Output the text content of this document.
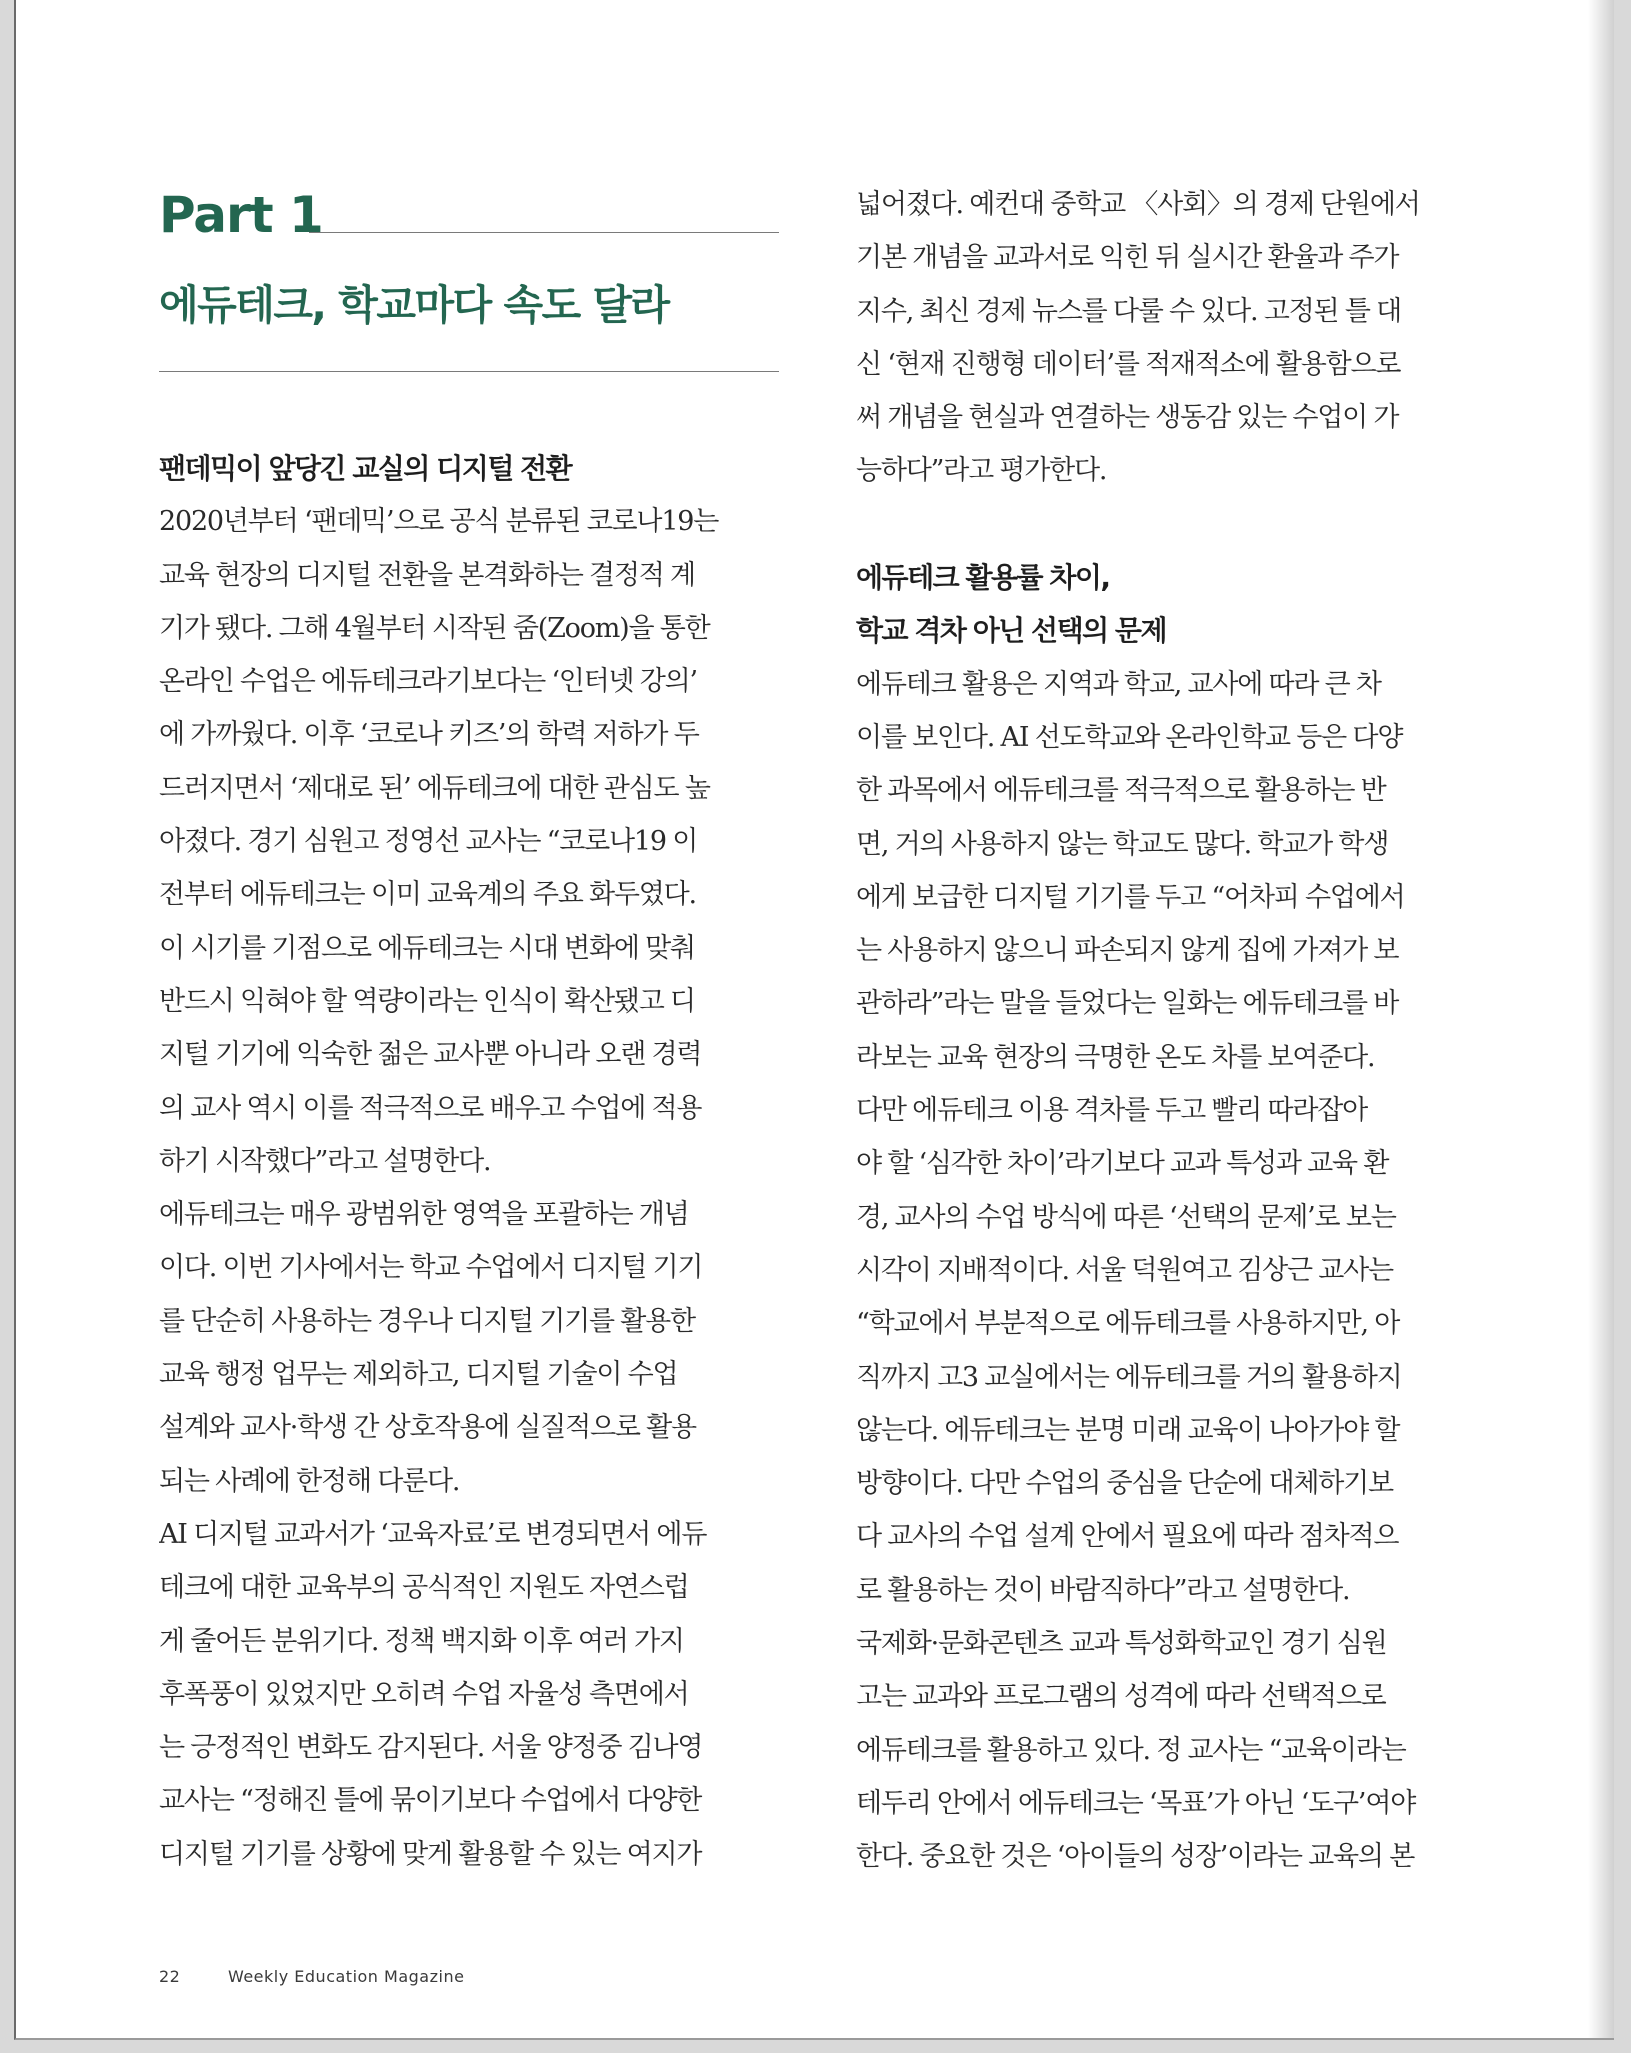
Part 1
에듀테크, 학교마다 속도 달라
팬데믹이 앞당긴 교실의 디지털 전환
2020년부터 ‘팬데믹’으로 공식 분류된 코로나19는
교육 현장의 디지털 전환을 본격화하는 결정적 계
기가 됐다. 그해 4월부터 시작된 줌(Zoom)을 통한
온라인 수업은 에듀테크라기보다는 ‘인터넷 강의’
에 가까웠다. 이후 ‘코로나 키즈’의 학력 저하가 두
드러지면서 ‘제대로 된’ 에듀테크에 대한 관심도 높
아졌다. 경기 심원고 정영선 교사는 “코로나19 이
전부터 에듀테크는 이미 교육계의 주요 화두였다.
이 시기를 기점으로 에듀테크는 시대 변화에 맞춰
반드시 익혀야 할 역량이라는 인식이 확산됐고 디
지털 기기에 익숙한 젊은 교사뿐 아니라 오랜 경력
의 교사 역시 이를 적극적으로 배우고 수업에 적용
하기 시작했다”라고 설명한다.
에듀테크는 매우 광범위한 영역을 포괄하는 개념
이다. 이번 기사에서는 학교 수업에서 디지털 기기
를 단순히 사용하는 경우나 디지털 기기를 활용한
교육 행정 업무는 제외하고, 디지털 기술이 수업
설계와 교사·학생 간 상호작용에 실질적으로 활용
되는 사례에 한정해 다룬다.
AI 디지털 교과서가 ‘교육자료’로 변경되면서 에듀
테크에 대한 교육부의 공식적인 지원도 자연스럽
게 줄어든 분위기다. 정책 백지화 이후 여러 가지
후폭풍이 있었지만 오히려 수업 자율성 측면에서
는 긍정적인 변화도 감지된다. 서울 양정중 김나영
교사는 “정해진 틀에 묶이기보다 수업에서 다양한
디지털 기기를 상황에 맞게 활용할 수 있는 여지가
넓어졌다. 예컨대 중학교 〈사회〉의 경제 단원에서
기본 개념을 교과서로 익힌 뒤 실시간 환율과 주가
지수, 최신 경제 뉴스를 다룰 수 있다. 고정된 틀 대
신 ‘현재 진행형 데이터’를 적재적소에 활용함으로
써 개념을 현실과 연결하는 생동감 있는 수업이 가
능하다”라고 평가한다.
에듀테크 활용률 차이,
학교 격차 아닌 선택의 문제
에듀테크 활용은 지역과 학교, 교사에 따라 큰 차
이를 보인다. AI 선도학교와 온라인학교 등은 다양
한 과목에서 에듀테크를 적극적으로 활용하는 반
면, 거의 사용하지 않는 학교도 많다. 학교가 학생
에게 보급한 디지털 기기를 두고 “어차피 수업에서
는 사용하지 않으니 파손되지 않게 집에 가져가 보
관하라”라는 말을 들었다는 일화는 에듀테크를 바
라보는 교육 현장의 극명한 온도 차를 보여준다.
다만 에듀테크 이용 격차를 두고 빨리 따라잡아
야 할 ‘심각한 차이’라기보다 교과 특성과 교육 환
경, 교사의 수업 방식에 따른 ‘선택의 문제’로 보는
시각이 지배적이다. 서울 덕원여고 김상근 교사는
“학교에서 부분적으로 에듀테크를 사용하지만, 아
직까지 고3 교실에서는 에듀테크를 거의 활용하지
않는다. 에듀테크는 분명 미래 교육이 나아가야 할
방향이다. 다만 수업의 중심을 단순에 대체하기보
다 교사의 수업 설계 안에서 필요에 따라 점차적으
로 활용하는 것이 바람직하다”라고 설명한다.
국제화·문화콘텐츠 교과 특성화학교인 경기 심원
고는 교과와 프로그램의 성격에 따라 선택적으로
에듀테크를 활용하고 있다. 정 교사는 “교육이라는
테두리 안에서 에듀테크는 ‘목표’가 아닌 ‘도구’여야
한다. 중요한 것은 ‘아이들의 성장’이라는 교육의 본
22	Weekly Education Magazine
